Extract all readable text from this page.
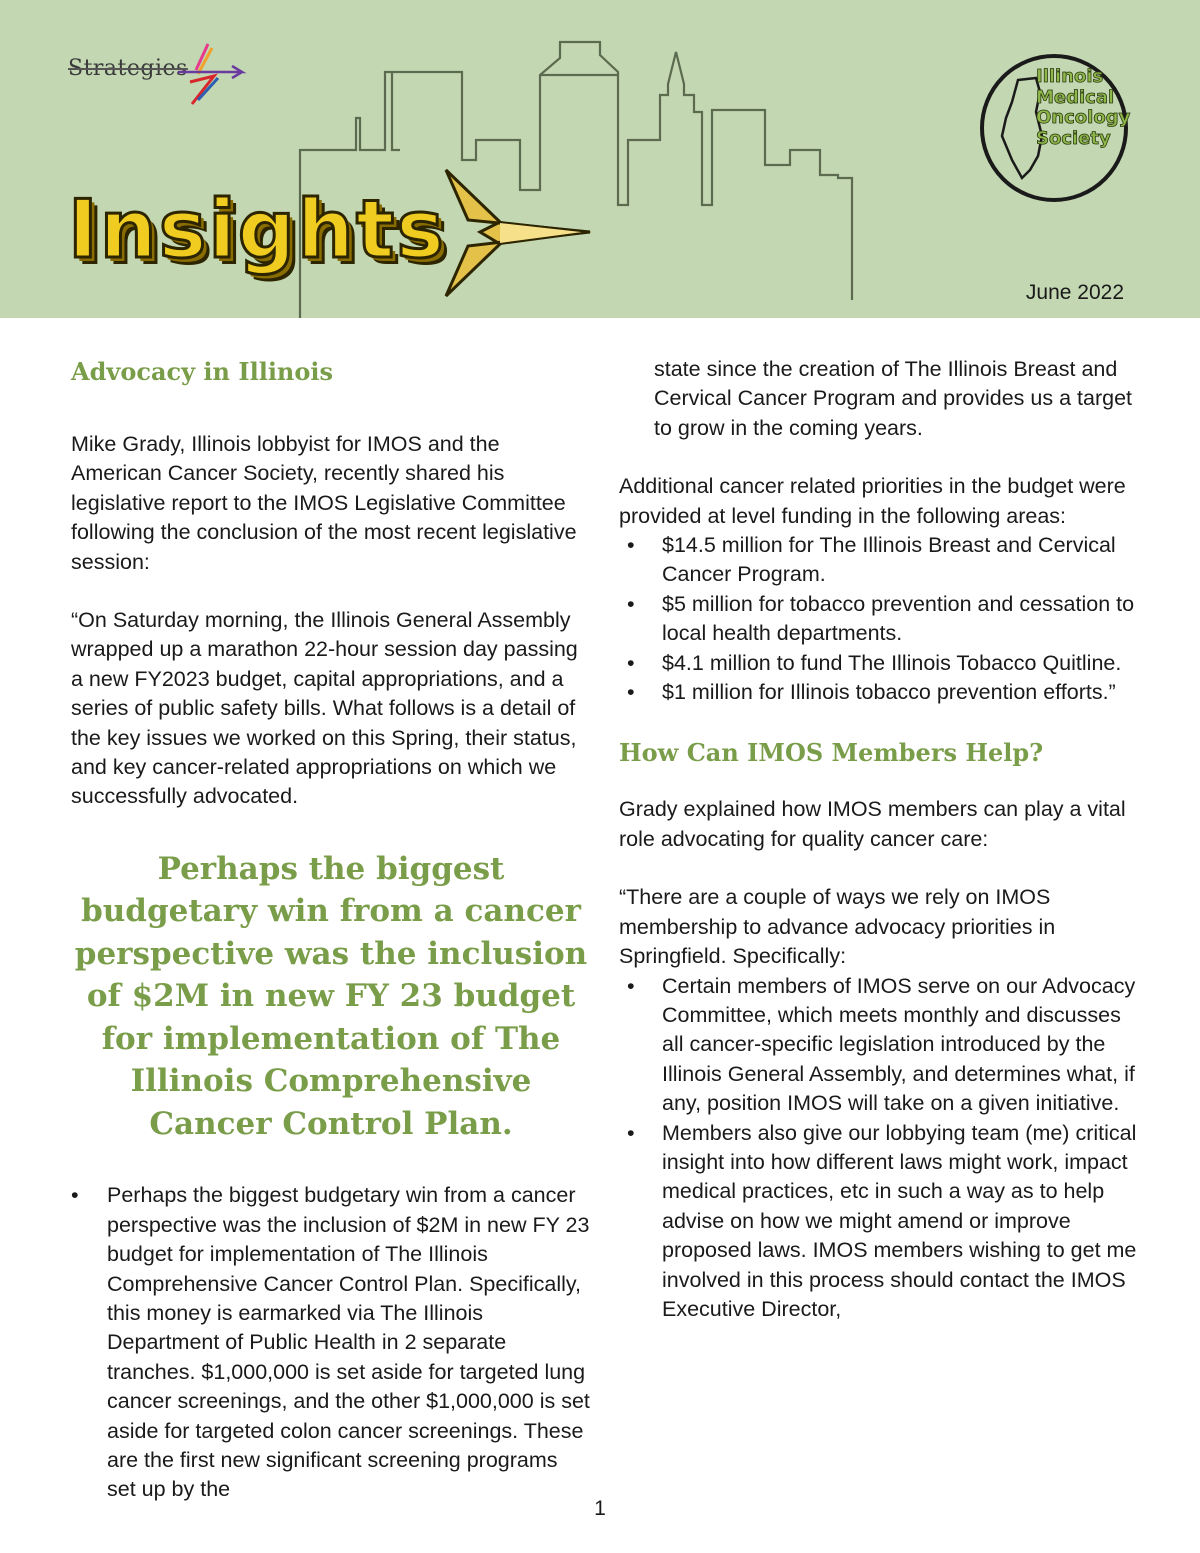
Strategies
Insights
Illinois
Medical
Oncology
Society
June 2022
Advocacy in Illinois

Mike Grady, Illinois lobbyist for IMOS and the American Cancer Society, recently shared his legislative report to the IMOS Legislative Committee following the conclusion of the most recent legislative session:

“On Saturday morning, the Illinois General Assembly wrapped up a marathon 22-hour session day passing a new FY2023 budget, capital appropriations, and a series of public safety bills. What follows is a detail of the key issues we worked on this Spring, their status, and key cancer-related appropriations on which we successfully advocated.

Perhaps the biggest budgetary win from a cancer perspective was the inclusion of $2M in new FY 23 budget for implementation of The Illinois Comprehensive Cancer Control Plan.

• Perhaps the biggest budgetary win from a cancer perspective was the inclusion of $2M in new FY 23 budget for implementation of The Illinois Comprehensive Cancer Control Plan. Specifically, this money is earmarked via The Illinois Department of Public Health in 2 separate tranches. $1,000,000 is set aside for targeted lung cancer screenings, and the other $1,000,000 is set aside for targeted colon cancer screenings. These are the first new significant screening programs set up by the

state since the creation of The Illinois Breast and Cervical Cancer Program and provides us a target to grow in the coming years.

Additional cancer related priorities in the budget were provided at level funding in the following areas:

• $14.5 million for The Illinois Breast and Cervical Cancer Program.
• $5 million for tobacco prevention and cessation to local health departments.
• $4.1 million to fund The Illinois Tobacco Quitline.
• $1 million for Illinois tobacco prevention efforts.”
How Can IMOS Members Help?

Grady explained how IMOS members can play a vital role advocating for quality cancer care:

“There are a couple of ways we rely on IMOS membership to advance advocacy priorities in Springfield. Specifically:

• Certain members of IMOS serve on our Advocacy Committee, which meets monthly and discusses all cancer-specific legislation introduced by the Illinois General Assembly, and determines what, if any, position IMOS will take on a given initiative.
• Members also give our lobbying team (me) critical insight into how different laws might work, impact medical practices, etc in such a way as to help advise on how we might amend or improve proposed laws. IMOS members wishing to get me involved in this process should contact the IMOS Executive Director,
1
